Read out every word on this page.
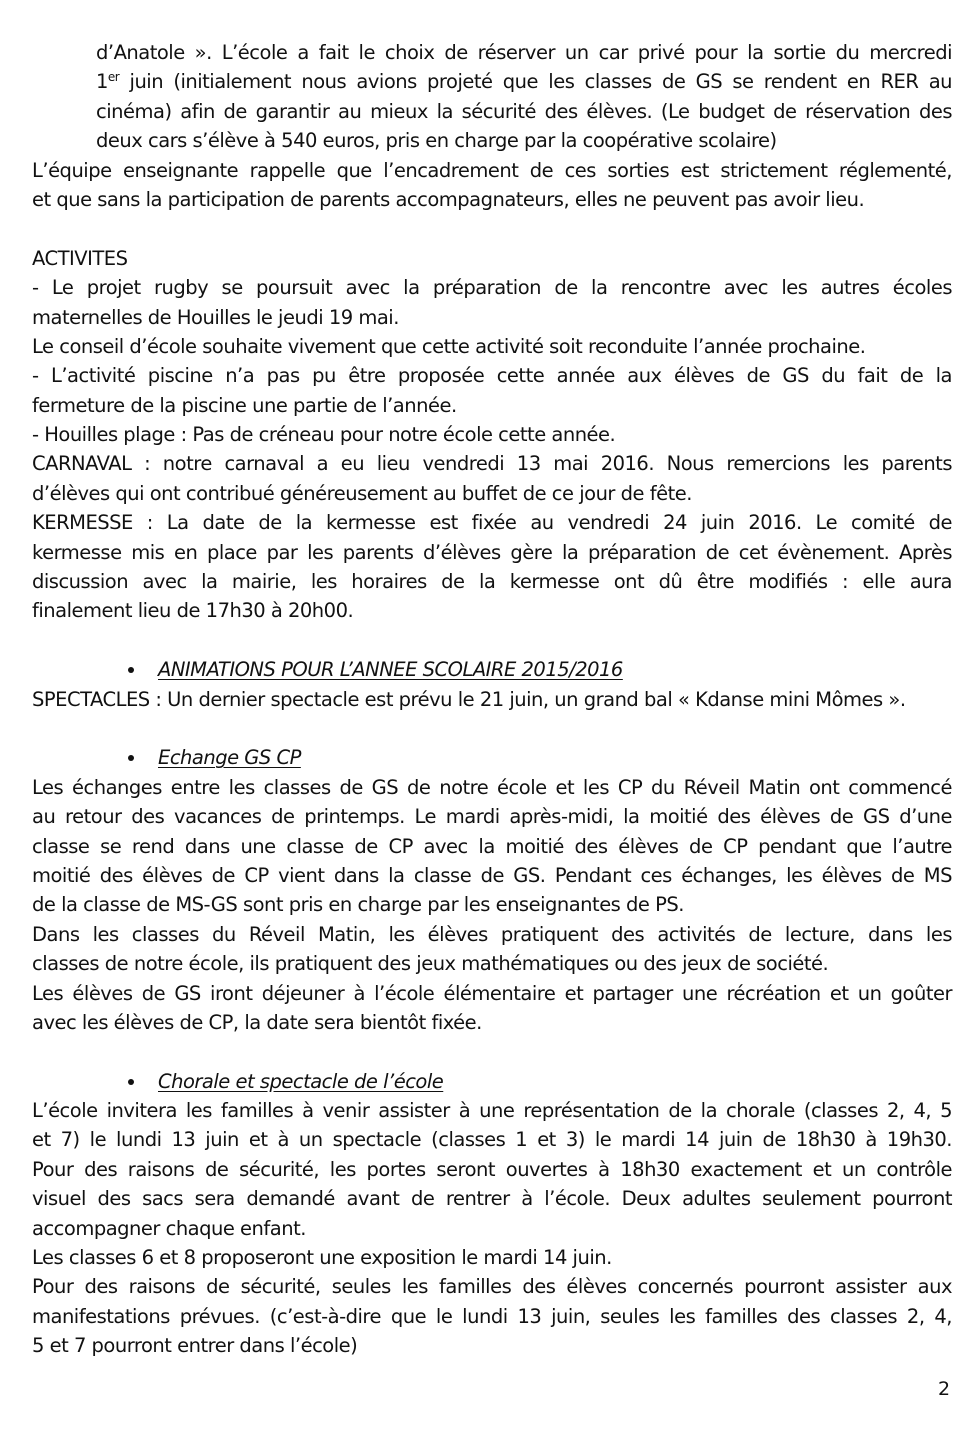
d’Anatole ». L’école a fait le choix de réserver un car privé pour la sortie du mercredi
1er juin (initialement nous avions projeté que les classes de GS se rendent en RER au
cinéma) afin de garantir au mieux la sécurité des élèves. (Le budget de réservation des
deux cars s’élève à 540 euros, pris en charge par la coopérative scolaire)
L’équipe enseignante rappelle que l’encadrement de ces sorties est strictement réglementé,
et que sans la participation de parents accompagnateurs, elles ne peuvent pas avoir lieu.
ACTIVITES
- Le projet rugby se poursuit avec la préparation de la rencontre avec les autres écoles
maternelles de Houilles le jeudi 19 mai.
Le conseil d’école souhaite vivement que cette activité soit reconduite l’année prochaine.
- L’activité piscine n’a pas pu être proposée cette année aux élèves de GS du fait de la
fermeture de la piscine une partie de l’année.
- Houilles plage : Pas de créneau pour notre école cette année.
CARNAVAL : notre carnaval a eu lieu vendredi 13 mai 2016. Nous remercions les parents
d’élèves qui ont contribué généreusement au buffet de ce jour de fête.
KERMESSE : La date de la kermesse est fixée au vendredi 24 juin 2016. Le comité de
kermesse mis en place par les parents d’élèves gère la préparation de cet évènement. Après
discussion avec la mairie, les horaires de la kermesse ont dû être modifiés : elle aura
finalement lieu de 17h30 à 20h00.
ANIMATIONS POUR L’ANNEE SCOLAIRE 2015/2016
SPECTACLES : Un dernier spectacle est prévu le 21 juin, un grand bal « Kdanse mini Mômes ».
Echange GS CP
Les échanges entre les classes de GS de notre école et les CP du Réveil Matin ont commencé
au retour des vacances de printemps. Le mardi après-midi, la moitié des élèves de GS d’une
classe se rend dans une classe de CP avec la moitié des élèves de CP pendant que l’autre
moitié des élèves de CP vient dans la classe de GS. Pendant ces échanges, les élèves de MS
de la classe de MS-GS sont pris en charge par les enseignantes de PS.
Dans les classes du Réveil Matin, les élèves pratiquent des activités de lecture, dans les
classes de notre école, ils pratiquent des jeux mathématiques ou des jeux de société.
Les élèves de GS iront déjeuner à l’école élémentaire et partager une récréation et un goûter
avec les élèves de CP, la date sera bientôt fixée.
Chorale et spectacle de l’école
L’école invitera les familles à venir assister à une représentation de la chorale (classes 2, 4, 5
et 7) le lundi 13 juin et à un spectacle (classes 1 et 3) le mardi 14 juin de 18h30 à 19h30.
Pour des raisons de sécurité, les portes seront ouvertes à 18h30 exactement et un contrôle
visuel des sacs sera demandé avant de rentrer à l’école. Deux adultes seulement pourront
accompagner chaque enfant.
Les classes 6 et 8 proposeront une exposition le mardi 14 juin.
Pour des raisons de sécurité, seules les familles des élèves concernés pourront assister aux
manifestations prévues. (c’est-à-dire que le lundi 13 juin, seules les familles des classes 2, 4,
5 et 7 pourront entrer dans l’école)
2
